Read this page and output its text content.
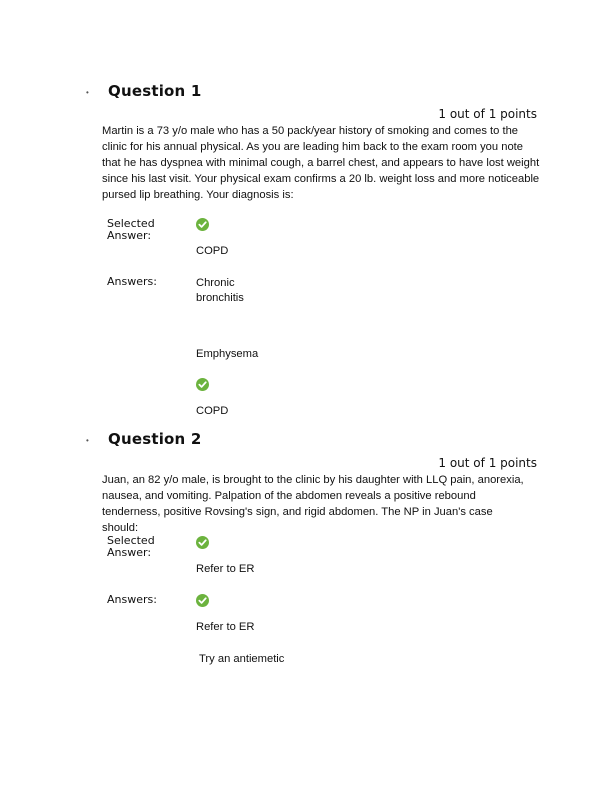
• Question 1
1 out of 1 points
Martin is a 73 y/o male who has a 50 pack/year history of smoking and comes to the clinic for his annual physical. As you are leading him back to the exam room you note that he has dyspnea with minimal cough, a barrel chest, and appears to have lost weight since his last visit. Your physical exam confirms a 20 lb. weight loss and more noticeable pursed lip breathing. Your diagnosis is:
Selected Answer:
COPD
Answers:	Chronic bronchitis
Emphysema
COPD
• Question 2
1 out of 1 points
Juan, an 82 y/o male, is brought to the clinic by his daughter with LLQ pain, anorexia, nausea, and vomiting. Palpation of the abdomen reveals a positive rebound tenderness, positive Rovsing's sign, and rigid abdomen. The NP in Juan's case should:
Selected Answer:
Refer to ER
Answers:
Refer to ER
Try an antiemetic
